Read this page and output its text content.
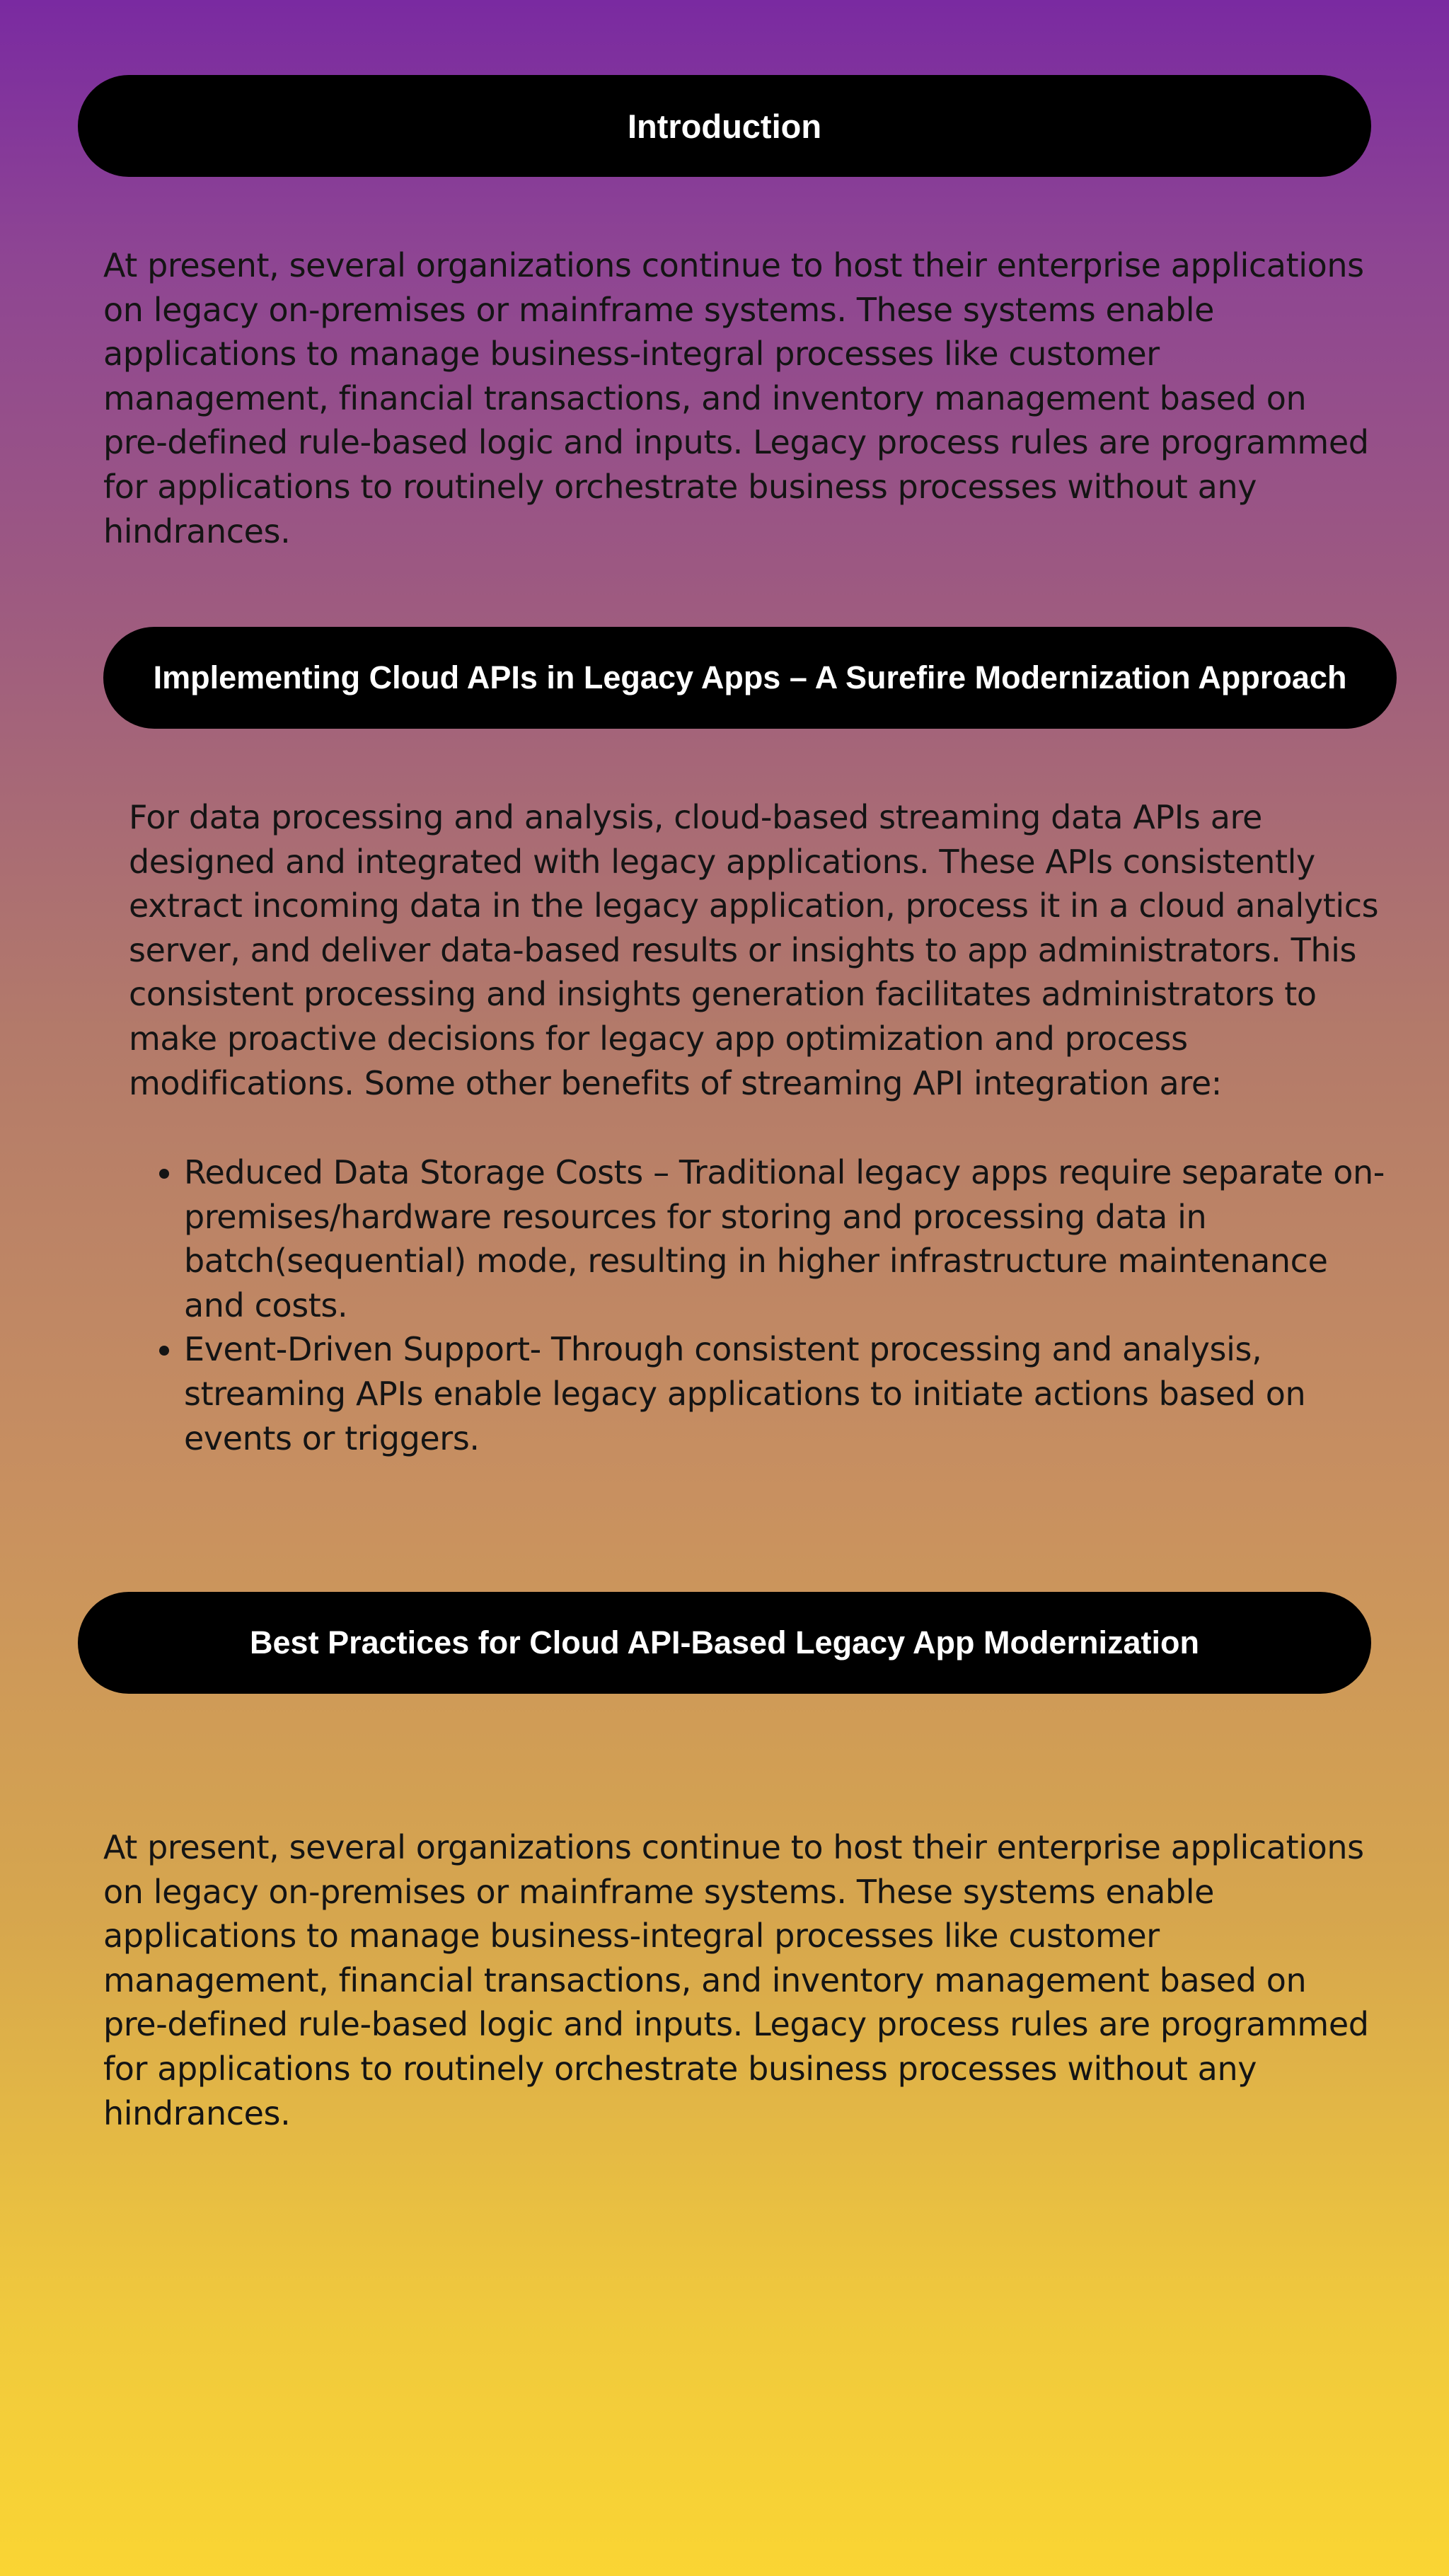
Introduction

At present, several organizations continue to host their enterprise applications on legacy on-premises or mainframe systems. These systems enable applications to manage business-integral processes like customer management, financial transactions, and inventory management based on pre-defined rule-based logic and inputs. Legacy process rules are programmed for applications to routinely orchestrate business processes without any hindrances.

Implementing Cloud APIs in Legacy Apps – A Surefire Modernization Approach

For data processing and analysis, cloud-based streaming data APIs are designed and integrated with legacy applications. These APIs consistently extract incoming data in the legacy application, process it in a cloud analytics server, and deliver data-based results or insights to app administrators. This consistent processing and insights generation facilitates administrators to make proactive decisions for legacy app optimization and process modifications. Some other benefits of streaming API integration are:

• Reduced Data Storage Costs – Traditional legacy apps require separate on-premises/hardware resources for storing and processing data in batch(sequential) mode, resulting in higher infrastructure maintenance and costs.
• Event-Driven Support- Through consistent processing and analysis, streaming APIs enable legacy applications to initiate actions based on events or triggers.
Best Practices for Cloud API-Based Legacy App Modernization

At present, several organizations continue to host their enterprise applications on legacy on-premises or mainframe systems. These systems enable applications to manage business-integral processes like customer management, financial transactions, and inventory management based on pre-defined rule-based logic and inputs. Legacy process rules are programmed for applications to routinely orchestrate business processes without any hindrances.
